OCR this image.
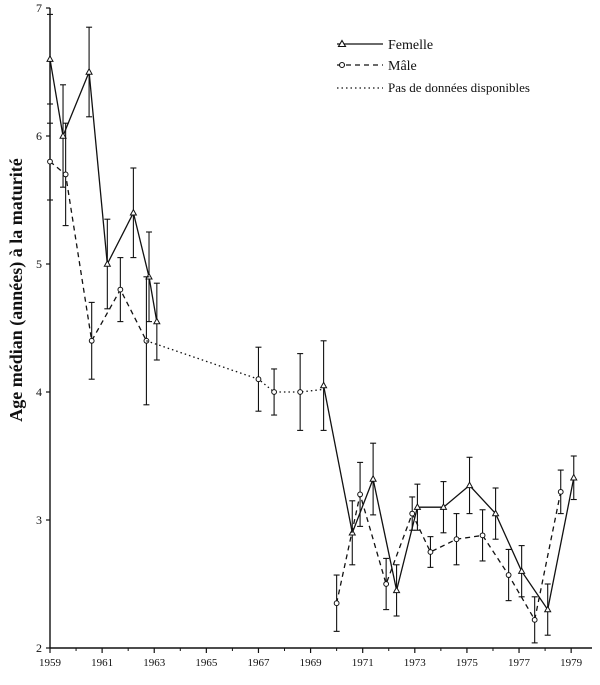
2
3
4
5
6
7
1959	1961	1963	1965	1967	1969	1971	1973	1975	1977	1979
Femelle
Mâle
Pas de données disponibles
Age médian (années) à la maturité
